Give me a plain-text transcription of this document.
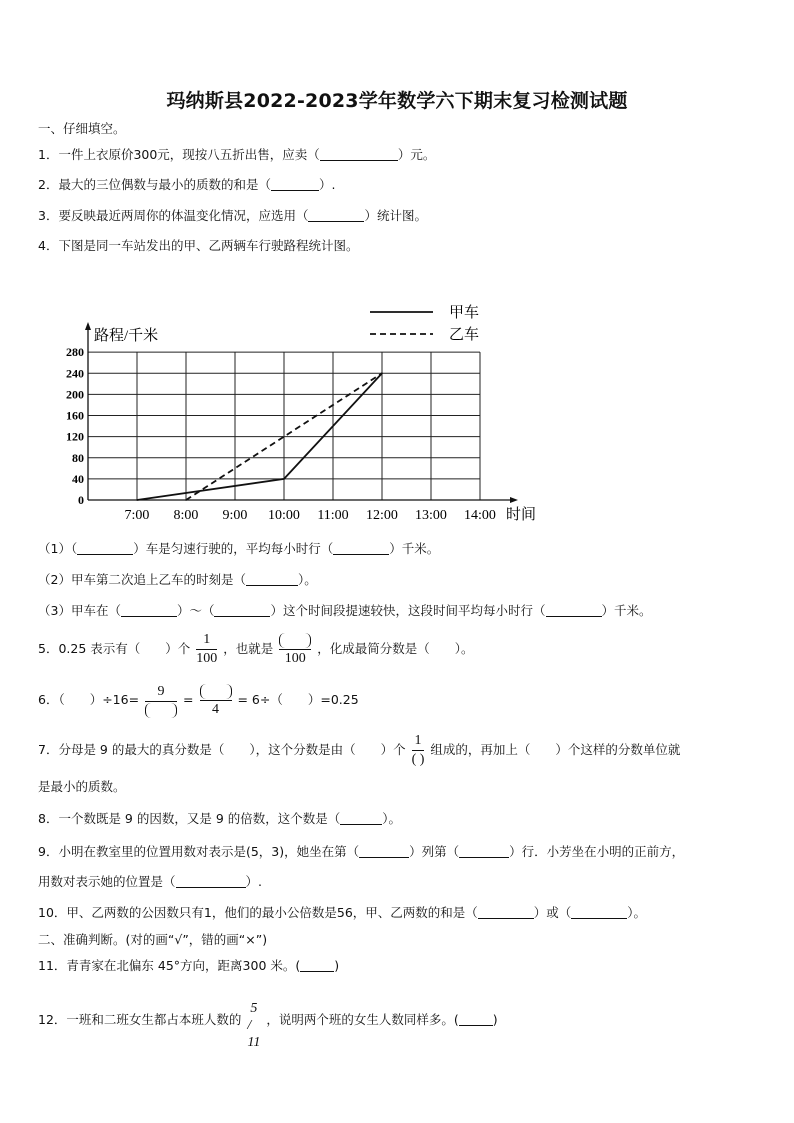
玛纳斯县2022-2023学年数学六下期末复习检测试题
一、仔细填空。
1．一件上衣原价300元，现按八五折出售，应卖（	）元。
2．最大的三位偶数与最小的质数的和是（	）.
3．要反映最近两周你的体温变化情况，应选用（	）统计图。
4．下图是同一车站发出的甲、乙两辆车行驶路程统计图。
0
40
80
120
160
200
240
280
7:00 8:00 9:00 10:00 11:00 12:00 13:00 14:00
路程/千米
时间
甲车
乙车
（1）（	）车是匀速行驶的，平均每小时行（	）千米。
（2）甲车第二次追上乙车的时刻是（	）。
（3）甲车在（	）～（	）这个时间段提速较快，这段时间平均每小时行（	）千米。
5．0.25 表示有（　　）个 $\frac{1}{100}$ ，也就是
100
，化成最简分数是（　　）。
6．（　　）÷16=
9
=
4
= 6÷（　　）=0.25
7．分母是 9 的最大的真分数是（　　），这个分数是由（　　）个 $\frac{1}{( )}$ 组成的，再加上（　　）个这样的分数单位就
是最小的质数。
8．一个数既是 9 的因数，又是 9 的倍数，这个数是（	）。
9．小明在教室里的位置用数对表示是(5，3)，她坐在第（	）列第（	）行．小芳坐在小明的正前方，
用数对表示她的位置是（	）.
10．甲、乙两数的公因数只有1，他们的最小公倍数是56，甲、乙两数的和是（	）或（	）。
二、准确判断。(对的画“√”，错的画“×”)
11．青青家在北偏东 45°方向，距离300 米。(	)
12．一班和二班女生都占本班人数的
5
/
11
，说明两个班的女生人数同样多。(	)
